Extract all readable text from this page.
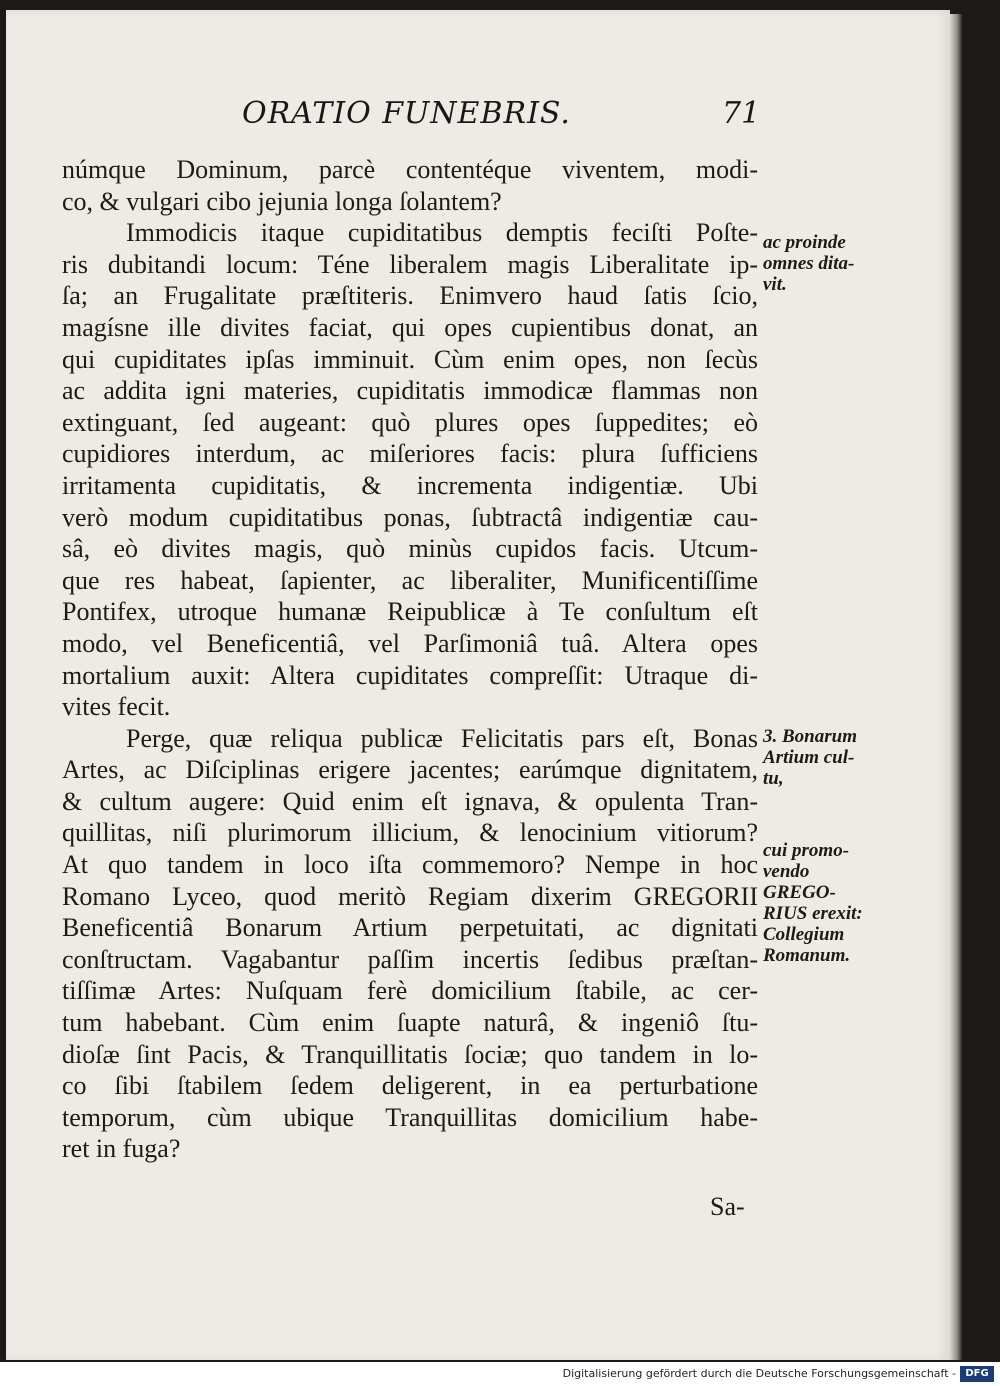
ORATIO FUNEBRIS.	71
númque Dominum, parcè contentéque viventem, modi-
co, & vulgari cibo jejunia longa ſolantem?
Immodicis itaque cupiditatibus demptis feciſti Poſte-
ris dubitandi locum: Téne liberalem magis Liberalitate ip-
ſa; an Frugalitate præſtiteris. Enimvero haud ſatis ſcio,
magísne ille divites faciat, qui opes cupientibus donat, an
qui cupiditates ipſas imminuit. Cùm enim opes, non ſecùs
ac addita igni materies, cupiditatis immodicæ flammas non
extinguant, ſed augeant: quò plures opes ſuppedites; eò
cupidiores interdum, ac miſeriores facis: plura ſufficiens
irritamenta cupiditatis, & incrementa indigentiæ. Ubi
verò modum cupiditatibus ponas, ſubtractâ indigentiæ cau-
sâ, eò divites magis, quò minùs cupidos facis. Utcum-
que res habeat, ſapienter, ac liberaliter, Munificentiſſime
Pontifex, utroque humanæ Reipublicæ à Te conſultum eſt
modo, vel Beneficentiâ, vel Parſimoniâ tuâ. Altera opes
mortalium auxit: Altera cupiditates compreſſit: Utraque di-
vites fecit.
Perge, quæ reliqua publicæ Felicitatis pars eſt, Bonas
Artes, ac Diſciplinas erigere jacentes; earúmque dignitatem,
& cultum augere: Quid enim eſt ignava, & opulenta Tran-
quillitas, niſi plurimorum illicium, & lenocinium vitiorum?
At quo tandem in loco iſta commemoro? Nempe in hoc
Romano Lyceo, quod meritò Regiam dixerim GREGORII
Beneficentiâ Bonarum Artium perpetuitati, ac dignitati
conſtructam. Vagabantur paſſim incertis ſedibus præſtan-
tiſſimæ Artes: Nuſquam ferè domicilium ſtabile, ac cer-
tum habebant. Cùm enim ſuapte naturâ, & ingeniô ſtu-
dioſæ ſint Pacis, & Tranquillitatis ſociæ; quo tandem in lo-
co ſibi ſtabilem ſedem deligerent, in ea perturbatione
temporum, cùm ubique Tranquillitas domicilium habe-
ret in fuga?
ac proinde
omnes dita-
vit.
3. Bonarum
Artium cul-
tu,
cui promo-
vendo
GREGO-
RIUS erexit:
Collegium
Romanum.
Sa-
Digitalisierung gefördert durch die Deutsche Forschungsgemeinschaft - DFG
